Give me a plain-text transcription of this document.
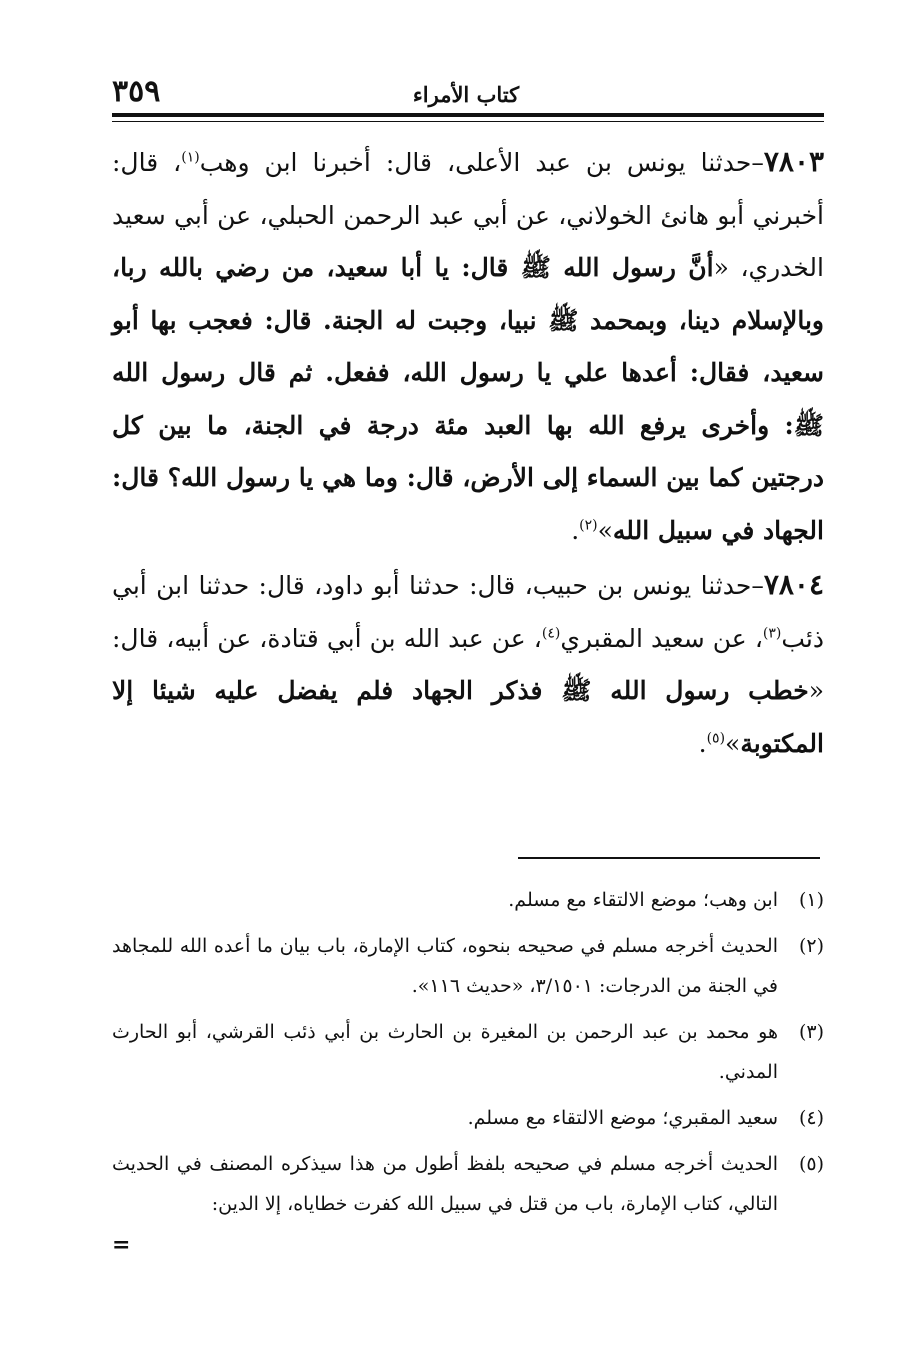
كتاب الأمراء
٣٥٩

٧٨٠٣–حدثنا يونس بن عبد الأعلى، قال: أخبرنا ابن وهب$^{(١)}$، قال: أخبرني أبو هانئ الخولاني، عن أبي عبد الرحمن الحبلي، عن أبي سعيد الخدري، «أنَّ رسول الله ﷺ قال: يا أبا سعيد، من رضي بالله ربا، وبالإسلام دينا، وبمحمد ﷺ نبيا، وجبت له الجنة. قال: فعجب بها أبو سعيد، فقال: أعدها علي يا رسول الله، ففعل. ثم قال رسول الله ﷺ: وأخرى يرفع الله بها العبد مئة درجة في الجنة، ما بين كل درجتين كما بين السماء إلى الأرض، قال: وما هي يا رسول الله؟ قال: الجهاد في سبيل الله»$^{(٢)}$.

٧٨٠٤–حدثنا يونس بن حبيب، قال: حدثنا أبو داود، قال: حدثنا ابن أبي ذئب$^{(٣)}$، عن سعيد المقبري$^{(٤)}$، عن عبد الله بن أبي قتادة، عن أبيه، قال: «خطب رسول الله ﷺ فذكر الجهاد فلم يفضل عليه شيئا إلا المكتوبة»$^{(٥)}$.

(١)
ابن وهب؛ موضع الالتقاء مع مسلم.
(٢)
الحديث أخرجه مسلم في صحيحه بنحوه، كتاب الإمارة، باب بيان ما أعده الله للمجاهد في الجنة من الدرجات: ٣/١٥٠١، «حديث ١١٦».
(٣)
هو محمد بن عبد الرحمن بن المغيرة بن الحارث بن أبي ذئب القرشي، أبو الحارث المدني.
(٤)
سعيد المقبري؛ موضع الالتقاء مع مسلم.
(٥)
الحديث أخرجه مسلم في صحيحه بلفظ أطول من هذا سيذكره المصنف في الحديث التالي، كتاب الإمارة، باب من قتل في سبيل الله كفرت خطاياه، إلا الدين:
=
